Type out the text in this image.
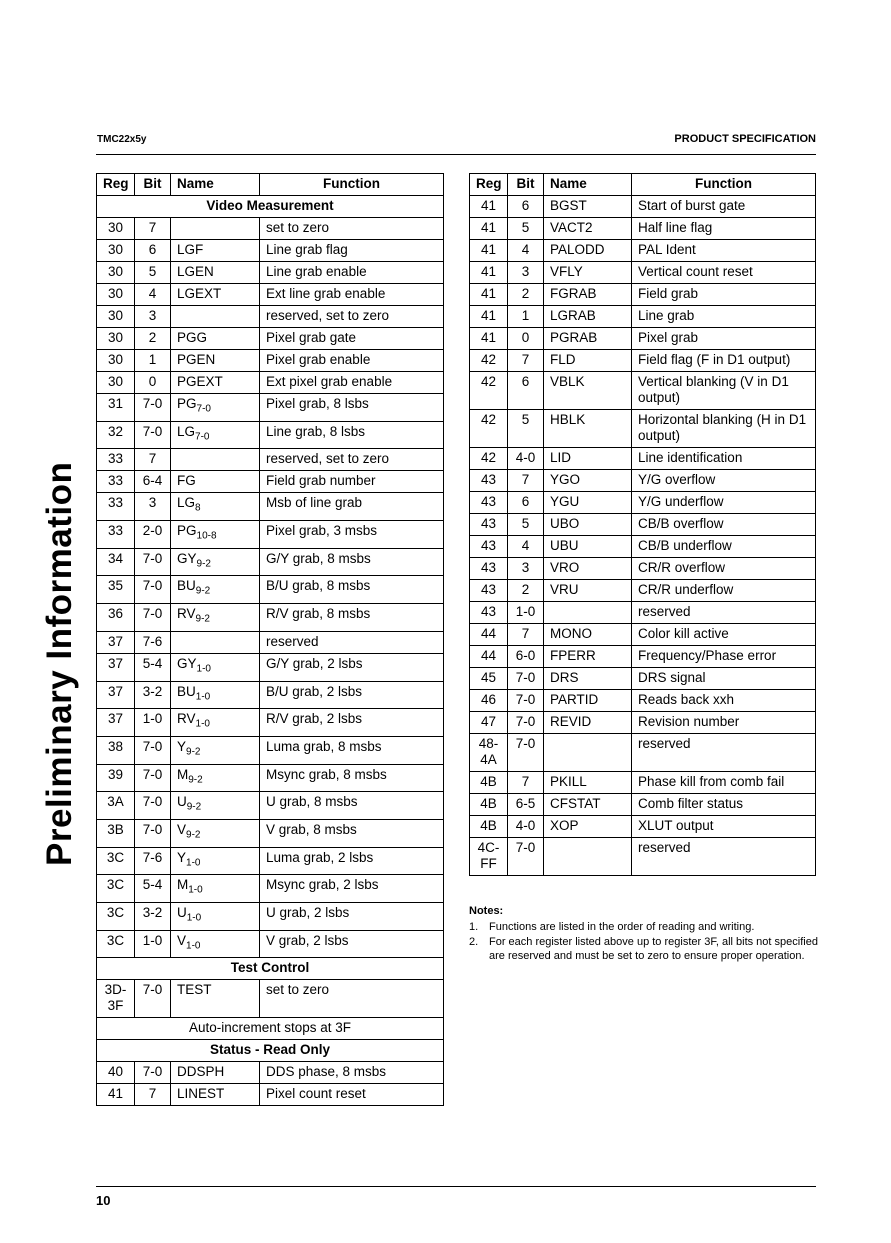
TMC22x5y	PRODUCT SPECIFICATION
Preliminary Information
Reg	Bit	Name	Function
Video Measurement			
30	7		set to zero
30	6	LGF	Line grab flag
30	5	LGEN	Line grab enable
30	4	LGEXT	Ext line grab enable
30	3		reserved, set to zero
30	2	PGG	Pixel grab gate
30	1	PGEN	Pixel grab enable
30	0	PGEXT	Ext pixel grab enable
31	7-0	$PG_{7-0}$	Pixel grab, 8 lsbs
32	7-0	$LG_{7-0}$	Line grab, 8 lsbs
33	7		reserved, set to zero
33	6-4	FG	Field grab number
33	3	$LG_8$	Msb of line grab
33	2-0	$PG_{10-8}$	Pixel grab, 3 msbs
34	7-0	$GY_{9-2}$	G/Y grab, 8 msbs
35	7-0	$BU_{9-2}$	B/U grab, 8 msbs
36	7-0	$RV_{9-2}$	R/V grab, 8 msbs
37	7-6		reserved
37	5-4	$GY_{1-0}$	G/Y grab, 2 lsbs
37	3-2	$BU_{1-0}$	B/U grab, 2 lsbs
37	1-0	$RV_{1-0}$	R/V grab, 2 lsbs
38	7-0	$Y_{9-2}$	Luma grab, 8 msbs
39	7-0	$M_{9-2}$	Msync grab, 8 msbs
3A	7-0	$U_{9-2}$	U grab, 8 msbs
3B	7-0	$V_{9-2}$	V grab, 8 msbs
3C	7-6	$Y_{1-0}$	Luma grab, 2 lsbs
3C	5-4	$M_{1-0}$	Msync grab, 2 lsbs
3C	3-2	$U_{1-0}$	U grab, 2 lsbs
3C	1-0	$V_{1-0}$	V grab, 2 lsbs
Test Control			
3D-3F	7-0	TEST	set to zero
Auto-increment stops at 3F			
Status - Read Only			
40	7-0	DDSPH	DDS phase, 8 msbs
41	7	LINEST	Pixel count reset
Reg	Bit	Name	Function
41	6	BGST	Start of burst gate
41	5	VACT2	Half line flag
41	4	PALODD	PAL Ident
41	3	VFLY	Vertical count reset
41	2	FGRAB	Field grab
41	1	LGRAB	Line grab
41	0	PGRAB	Pixel grab
42	7	FLD	Field flag (F in D1 output)
42	6	VBLK	Vertical blanking (V in D1 output)
42	5	HBLK	Horizontal blanking (H in D1 output)
42	4-0	LID	Line identification
43	7	YGO	Y/G overflow
43	6	YGU	Y/G underflow
43	5	UBO	CB/B overflow
43	4	UBU	CB/B underflow
43	3	VRO	CR/R overflow
43	2	VRU	CR/R underflow
43	1-0		reserved
44	7	MONO	Color kill active
44	6-0	FPERR	Frequency/Phase error
45	7-0	DRS	DRS signal
46	7-0	PARTID	Reads back xxh
47	7-0	REVID	Revision number
48-4A	7-0		reserved
4B	7	PKILL	Phase kill from comb fail
4B	6-5	CFSTAT	Comb filter status
4B	4-0	XOP	XLUT output
4C-FF	7-0		reserved
Notes:
1. Functions are listed in the order of reading and writing.
2. For each register listed above up to register 3F, all bits not specified are reserved and must be set to zero to ensure proper operation.
10
